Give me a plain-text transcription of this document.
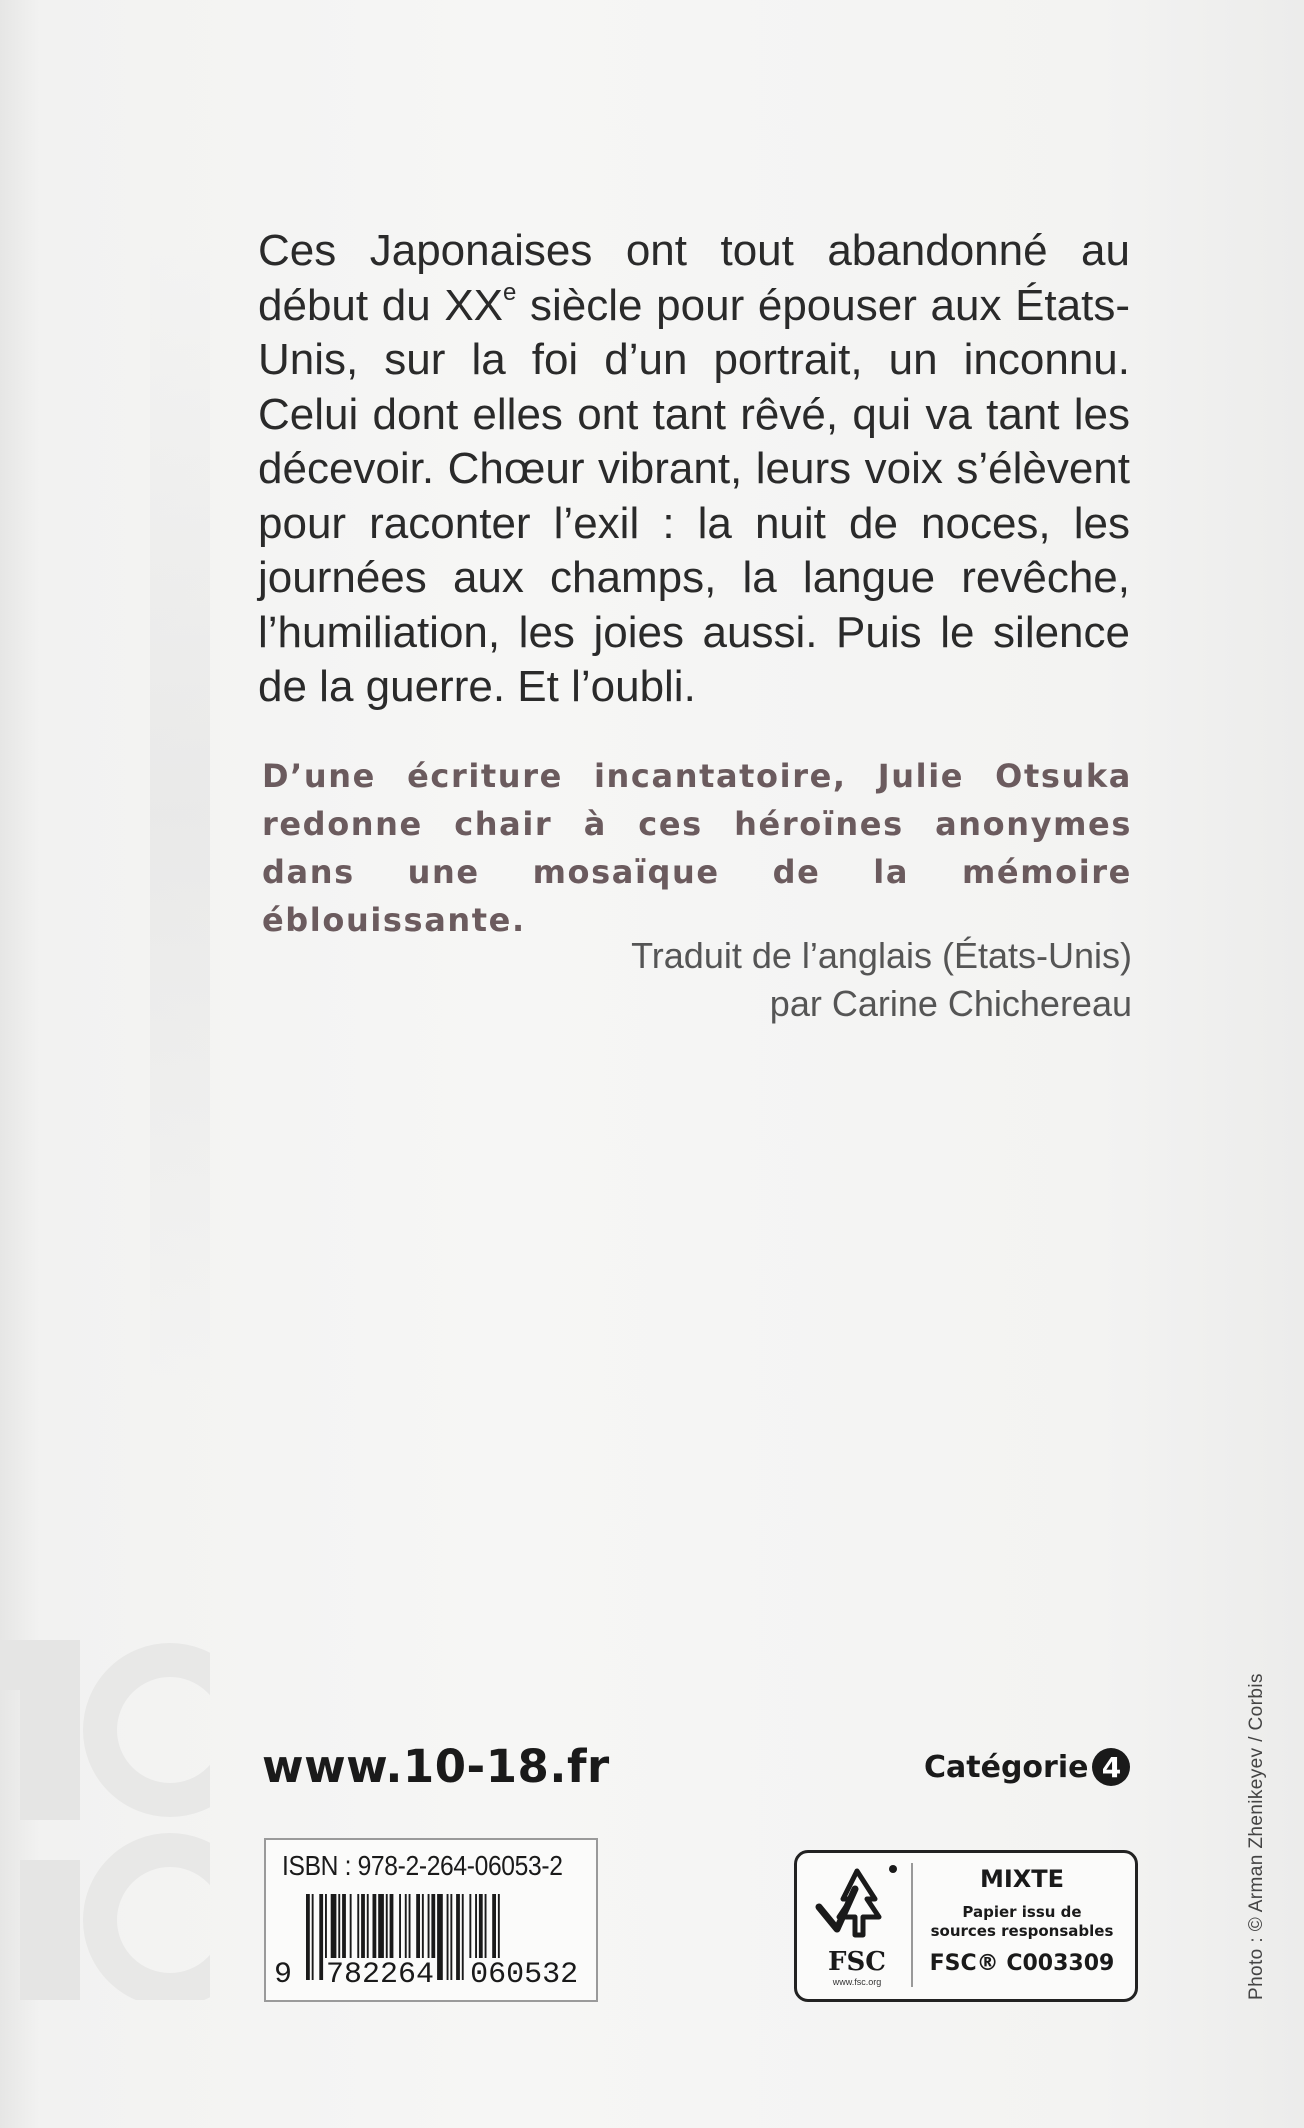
Ces Japonaises ont tout abandonné au début du XXe siècle pour épouser aux États-Unis, sur la foi d’un portrait, un inconnu. Celui dont elles ont tant rêvé, qui va tant les décevoir. Chœur vibrant, leurs voix s’élèvent pour raconter l’exil : la nuit de noces, les journées aux champs, la langue revêche, l’humiliation, les joies aussi. Puis le silence de la guerre. Et l’oubli.
D’une écriture incantatoire, Julie Otsuka redonne chair à ces héroïnes anonymes dans une mosaïque de la mémoire éblouissante.
Traduit de l’anglais (États-Unis)
par Carine Chichereau
www.10-18.fr	Catégorie 4
ISBN : 978-2-264-06053-2
9 782264 060532	FSC
www.fsc.org
MIXTE
Papier issu de
sources responsables
FSC® C003309	Photo : © Arman Zhenikeyev / Corbis
